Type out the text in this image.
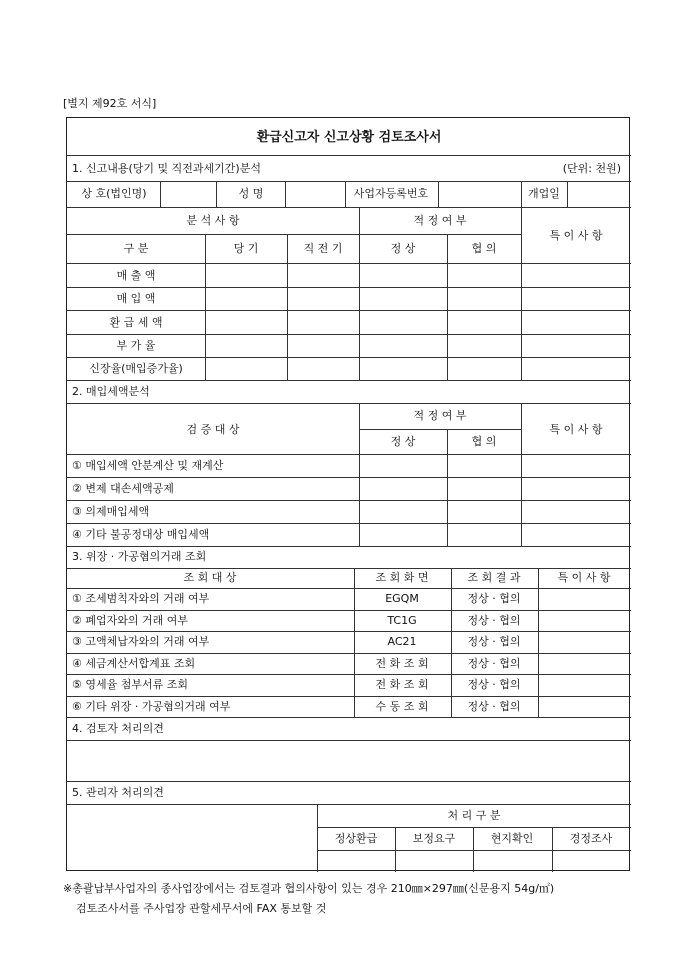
[별지 제92호 서식]
환급신고자 신고상황 검토조사서
1. 신고내용(당기 및 직전과세기간)분석	(단위: 천원)
상 호(법인명)	성 명	사업자등록번호	개업일
분 석 사 항	적 정 여 부
특 이 사 항
구 분	당 기	직 전 기	정 상	협 의
매 출 액
매 입 액
환 급 세 액
부 가 율
신장율(매입증가율)
2. 매입세액분석
검 증 대 상
적 정 여 부
특 이 사 항
정 상	협 의
① 매입세액 안분계산 및 재계산
② 변제 대손세액공제
③ 의제매입세액
④ 기타 불공정대상 매입세액
3. 위장 · 가공혐의거래 조회
조 회 대 상	조 회 화 면	조 회 결 과	특 이 사 항
① 조세범칙자와의 거래 여부	EGQM	정상 · 협의
② 폐업자와의 거래 여부	TC1G	정상 · 협의
③ 고액체납자와의 거래 여부	AC21	정상 · 협의
④ 세금계산서합계표 조회	전 화 조 회	정상 · 협의
⑤ 영세율 첨부서류 조회	전 화 조 회	정상 · 협의
⑥ 기타 위장 · 가공혐의거래 여부	수 동 조 회	정상 · 협의
4. 검토자 처리의견
5. 관리자 처리의견
처 리 구 분
정상환급	보정요구	현지확인	경정조사
※총괄납부사업자의 종사업장에서는 검토결과 협의사항이 있는 경우 210㎜×297㎜(신문용지 54g/㎡)
검토조사서를 주사업장 관할세무서에 FAX 통보할 것
